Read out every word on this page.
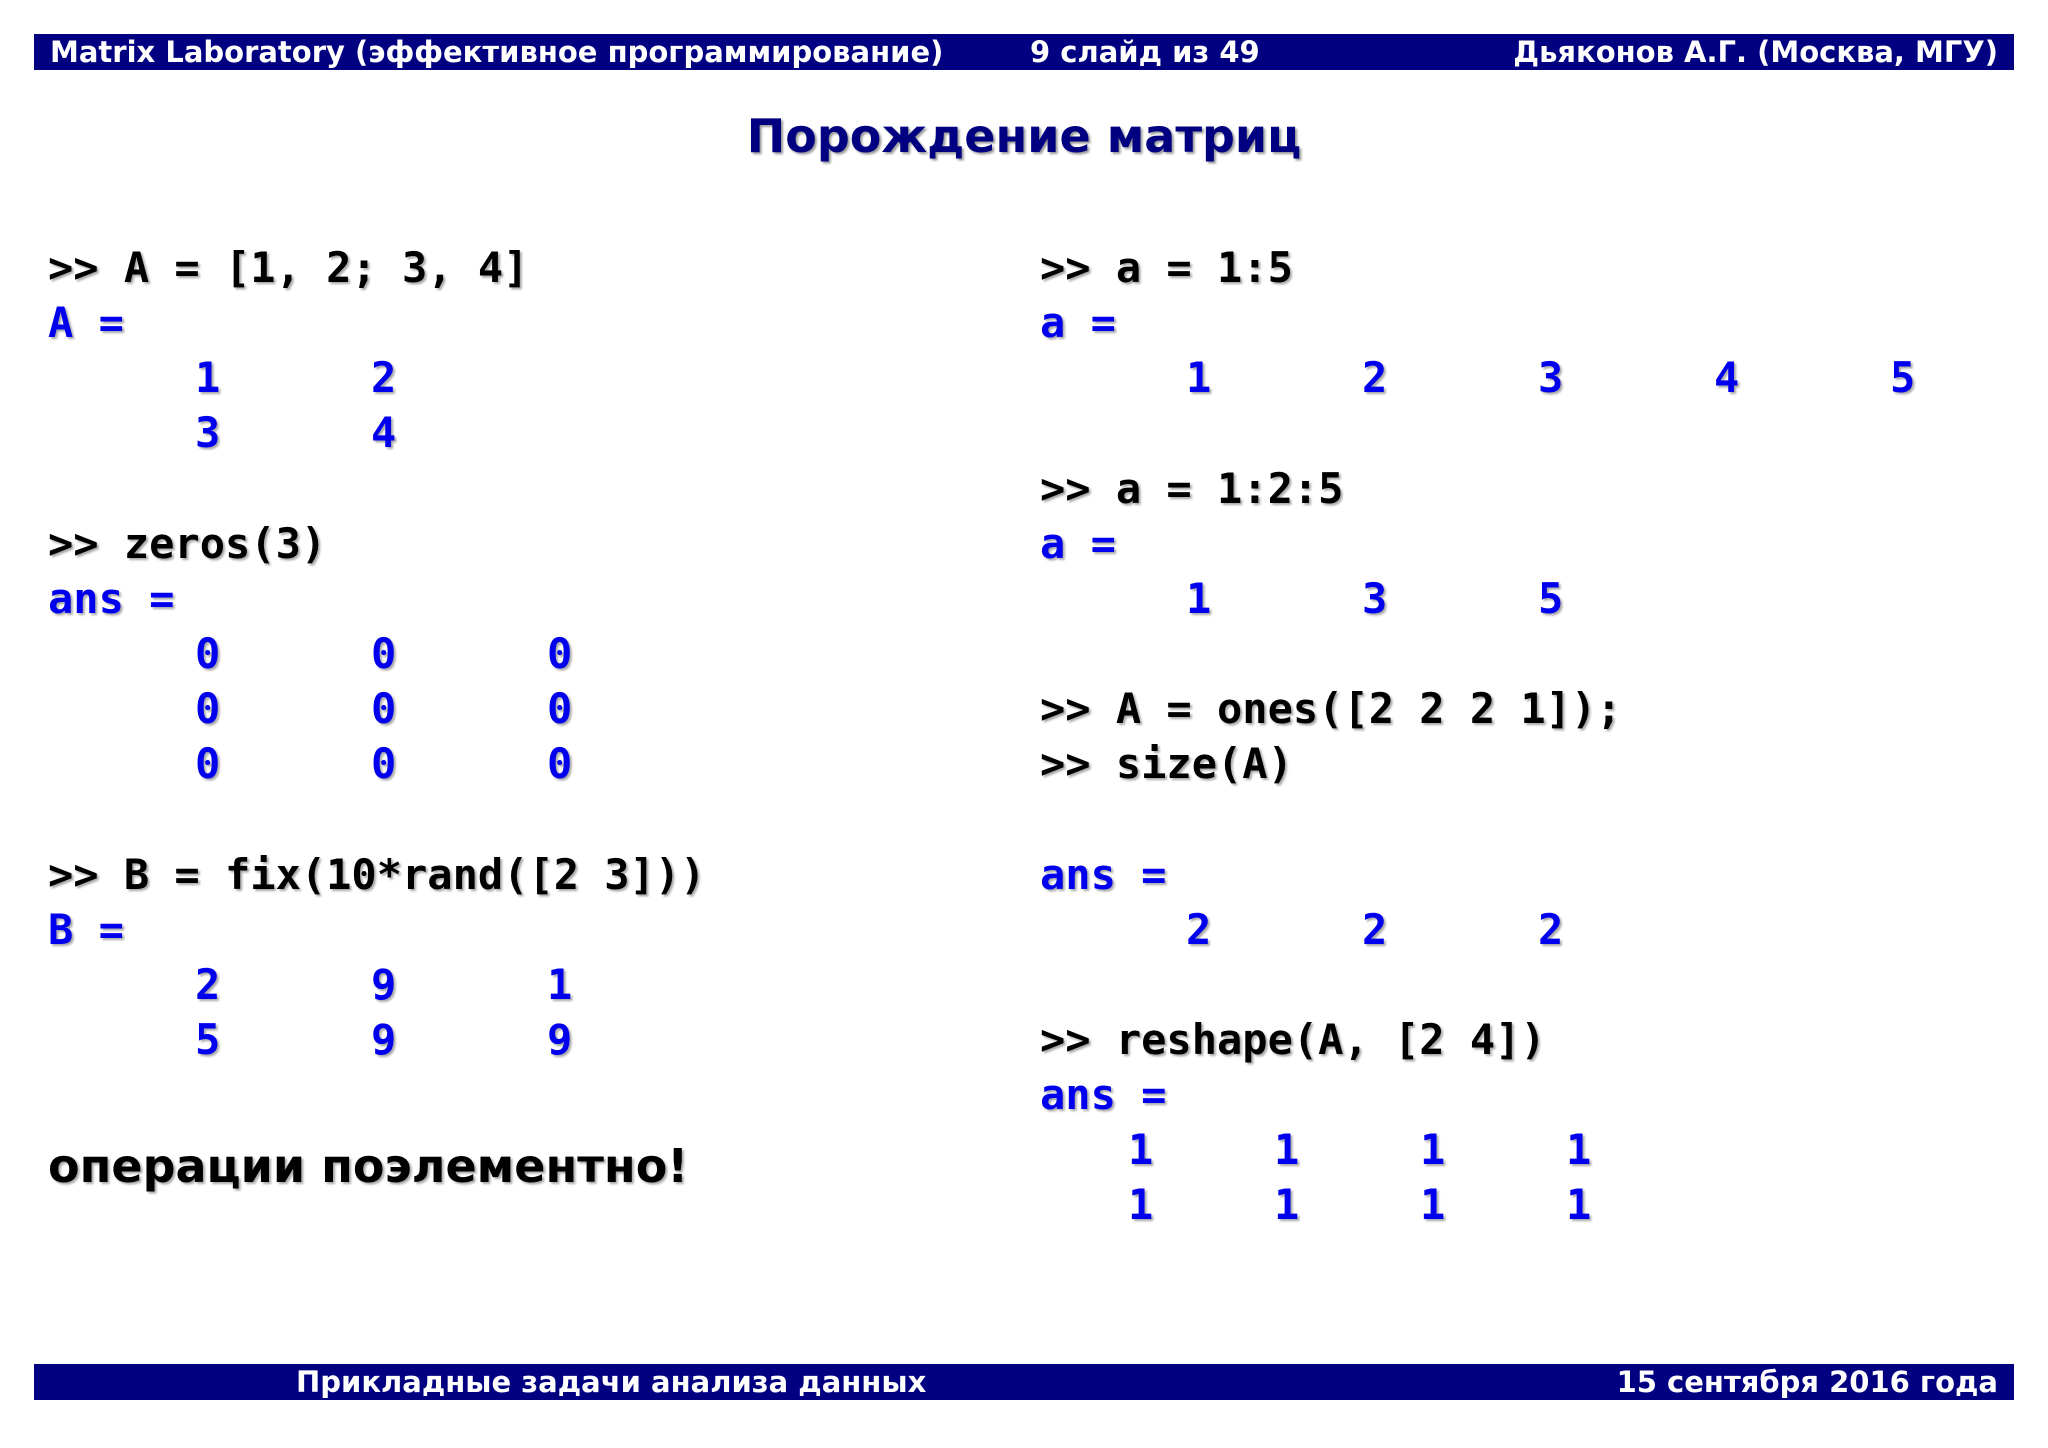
Matrix Laboratory (эффективное программирование)	9 слайд из 49	Дьяконов А.Г. (Москва, МГУ)
Порождение матриц
>> A = [1, 2; 3, 4]
A =
1	2
3	4
>> zeros(3)
ans =
0	0	0
0	0	0
0	0	0
>> B = fix(10*rand([2 3]))
B =
2	9	1
5	9	9
операции поэлементно!
>> a = 1:5
a =
1	2	3	4	5
>> a = 1:2:5
a =
1	3	5
>> A = ones([2 2 2 1]);
>> size(A)
ans =
2	2	2
>> reshape(A, [2 4])
ans =
1	1	1	1
1	1	1	1
Прикладные задачи анализа данных	15 сентября 2016 года
